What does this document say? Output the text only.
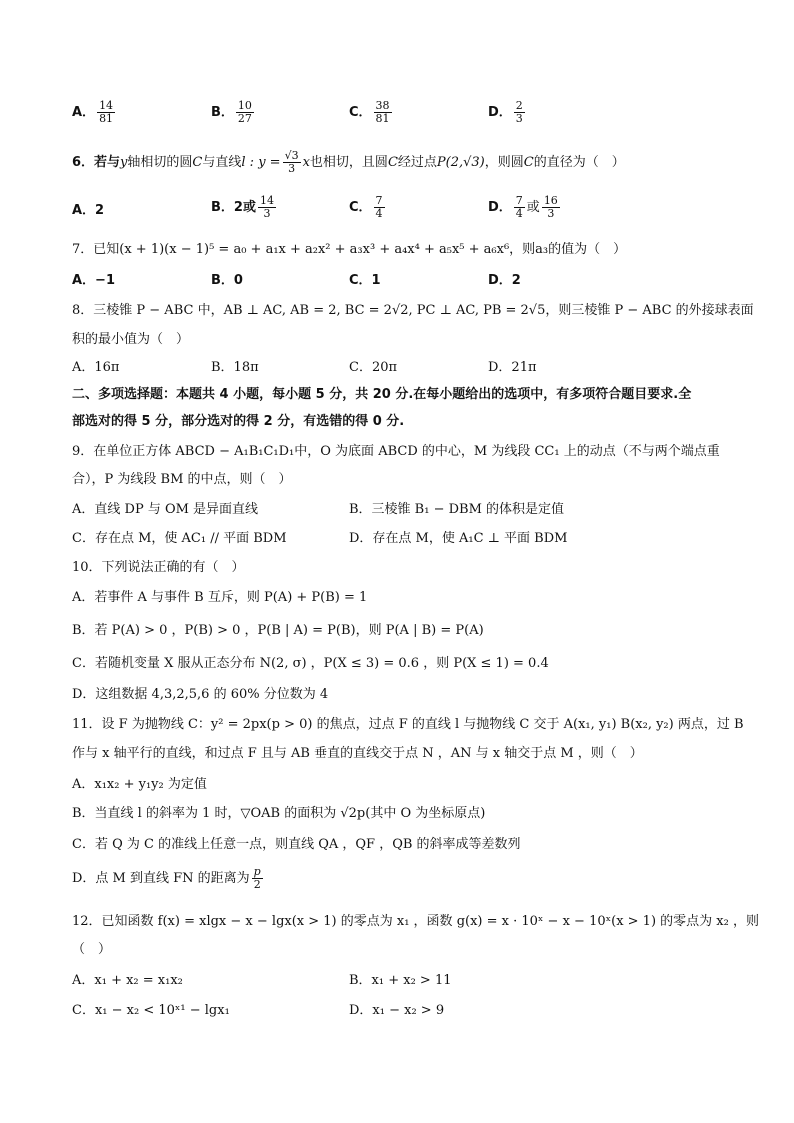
A． $\frac{14}{81}$	B． $\frac{10}{27}$	C． $\frac{38}{81}$	D． $\frac{2}{3}$
6．若与y轴相切的圆C与直线l : $y = \frac{√3}{3}$ x也相切，且圆C经过点P(2,√3)，则圆C的直径为（　）
A．2	B．2或 $\frac{14}{3}$	C． $\frac{7}{4}$	D． $\frac{7}{4}$ 或 $\frac{16}{3}$
7．已知(x + 1)(x − 1)⁵ = a₀ + a₁x + a₂x² + a₃x³ + a₄x⁴ + a₅x⁵ + a₆x⁶，则a₃的值为（　）
A．−1	B．0	C．1	D．2
8．三棱锥 P − ABC 中，AB ⊥ AC, AB = 2, BC = 2√2, PC ⊥ AC, PB = 2√5，则三棱锥 P − ABC 的外接球表面
积的最小值为（　）
A．16π	B．18π	C．20π	D．21π
二、多项选择题：本题共 4 小题，每小题 5 分，共 20 分.在每小题给出的选项中，有多项符合题目要求.全
部选对的得 5 分，部分选对的得 2 分，有选错的得 0 分.
9．在单位正方体 ABCD − A₁B₁C₁D₁中，O 为底面 ABCD 的中心，M 为线段 CC₁ 上的动点（不与两个端点重
合），P 为线段 BM 的中点，则（　）
A．直线 DP 与 OM 是异面直线	B．三棱锥 B₁ − DBM 的体积是定值
C．存在点 M，使 AC₁ // 平面 BDM	D．存在点 M，使 A₁C ⊥ 平面 BDM
10．下列说法正确的有（　）
A．若事件 A 与事件 B 互斥，则 P(A) + P(B) = 1
B．若 P(A) > 0 ，P(B) > 0 ，P(B | A) = P(B)，则 P(A | B) = P(A)
C．若随机变量 X 服从正态分布 N(2, σ) ，P(X ≤ 3) = 0.6 ，则 P(X ≤ 1) = 0.4
D．这组数据 4,3,2,5,6 的 60% 分位数为 4
11．设 F 为抛物线 C：y² = 2px(p > 0) 的焦点，过点 F 的直线 l 与抛物线 C 交于 A(x₁, y₁) B(x₂, y₂) 两点，过 B
作与 x 轴平行的直线，和过点 F 且与 AB 垂直的直线交于点 N ，AN 与 x 轴交于点 M ，则（　）
A．x₁x₂ + y₁y₂ 为定值
B．当直线 l 的斜率为 1 时，▽OAB 的面积为 √2p(其中 O 为坐标原点)
C．若 Q 为 C 的准线上任意一点，则直线 QA ，QF ，QB 的斜率成等差数列
D．点 M 到直线 FN 的距离为 $\frac{p}{2}$
12．已知函数 f(x) = xlgx − x − lgx(x > 1) 的零点为 x₁ ，函数 g(x) = x · 10ˣ − x − 10ˣ(x > 1) 的零点为 x₂ ，则
（　）
A．x₁ + x₂ = x₁x₂	B．x₁ + x₂ > 11
C．x₁ − x₂ < 10ˣ¹ − lgx₁	D．x₁ − x₂ > 9
